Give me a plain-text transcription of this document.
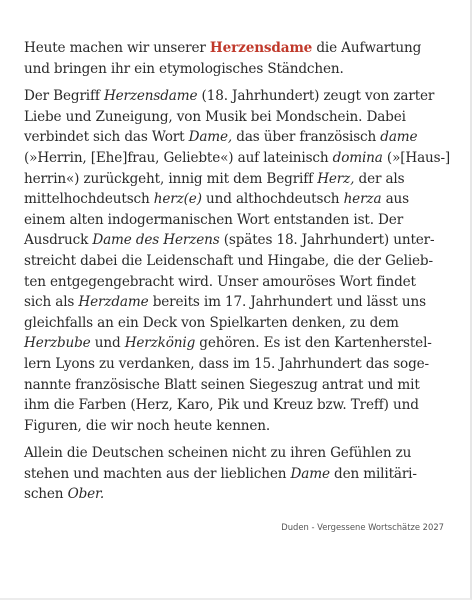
Heute machen wir unserer Herzensdame die Aufwartung
und bringen ihr ein etymologisches Ständchen.

Der Begriff Herzensdame (18. Jahrhundert) zeugt von zarter
Liebe und Zuneigung, von Musik bei Mondschein. Dabei
verbindet sich das Wort Dame, das über französisch dame
(»Herrin, [Ehe]frau, Geliebte«) auf lateinisch domina (»[Haus-]
herrin«) zurückgeht, innig mit dem Begriff Herz, der als
mittelhochdeutsch herz(e) und althochdeutsch herza aus
einem alten indogermanischen Wort entstanden ist. Der
Ausdruck Dame des Herzens (spätes 18. Jahrhundert) unter-
streicht dabei die Leidenschaft und Hingabe, die der Gelieb-
ten entgegengebracht wird. Unser amouröses Wort findet
sich als Herzdame bereits im 17. Jahrhundert und lässt uns
gleichfalls an ein Deck von Spielkarten denken, zu dem
Herzbube und Herzkönig gehören. Es ist den Kartenherstel-
lern Lyons zu verdanken, dass im 15. Jahrhundert das soge-
nannte französische Blatt seinen Siegeszug antrat und mit
ihm die Farben (Herz, Karo, Pik und Kreuz bzw. Treff) und
Figuren, die wir noch heute kennen.

Allein die Deutschen scheinen nicht zu ihren Gefühlen zu
stehen und machten aus der lieblichen Dame den militäri-
schen Ober.

Duden - Vergessene Wortschätze 2027
